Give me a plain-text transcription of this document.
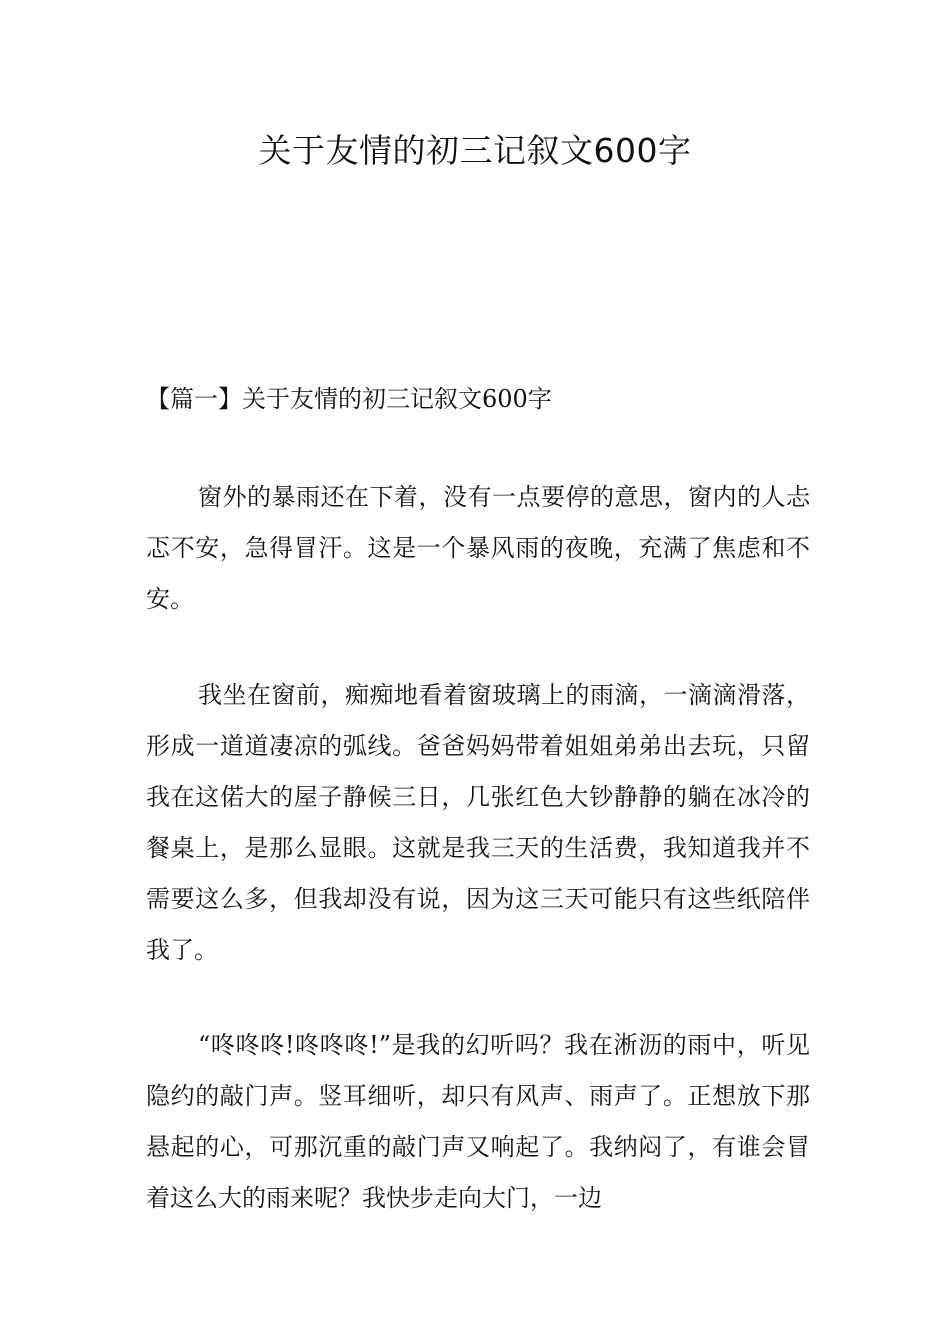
关于友情的初三记叙文600字
【篇一】关于友情的初三记叙文600字

窗外的暴雨还在下着，没有一点要停的意思，窗内的人忐忑不安，急得冒汗。这是一个暴风雨的夜晚，充满了焦虑和不安。

我坐在窗前，痴痴地看着窗玻璃上的雨滴，一滴滴滑落，形成一道道凄凉的弧线。爸爸妈妈带着姐姐弟弟出去玩，只留我在这偌大的屋子静候三日，几张红色大钞静静的躺在冰冷的餐桌上，是那么显眼。这就是我三天的生活费，我知道我并不需要这么多，但我却没有说，因为这三天可能只有这些纸陪伴我了。

“咚咚咚!咚咚咚!”是我的幻听吗？我在淅沥的雨中，听见隐约的敲门声。竖耳细听，却只有风声、雨声了。正想放下那悬起的心，可那沉重的敲门声又响起了。我纳闷了，有谁会冒着这么大的雨来呢？我快步走向大门，一边
